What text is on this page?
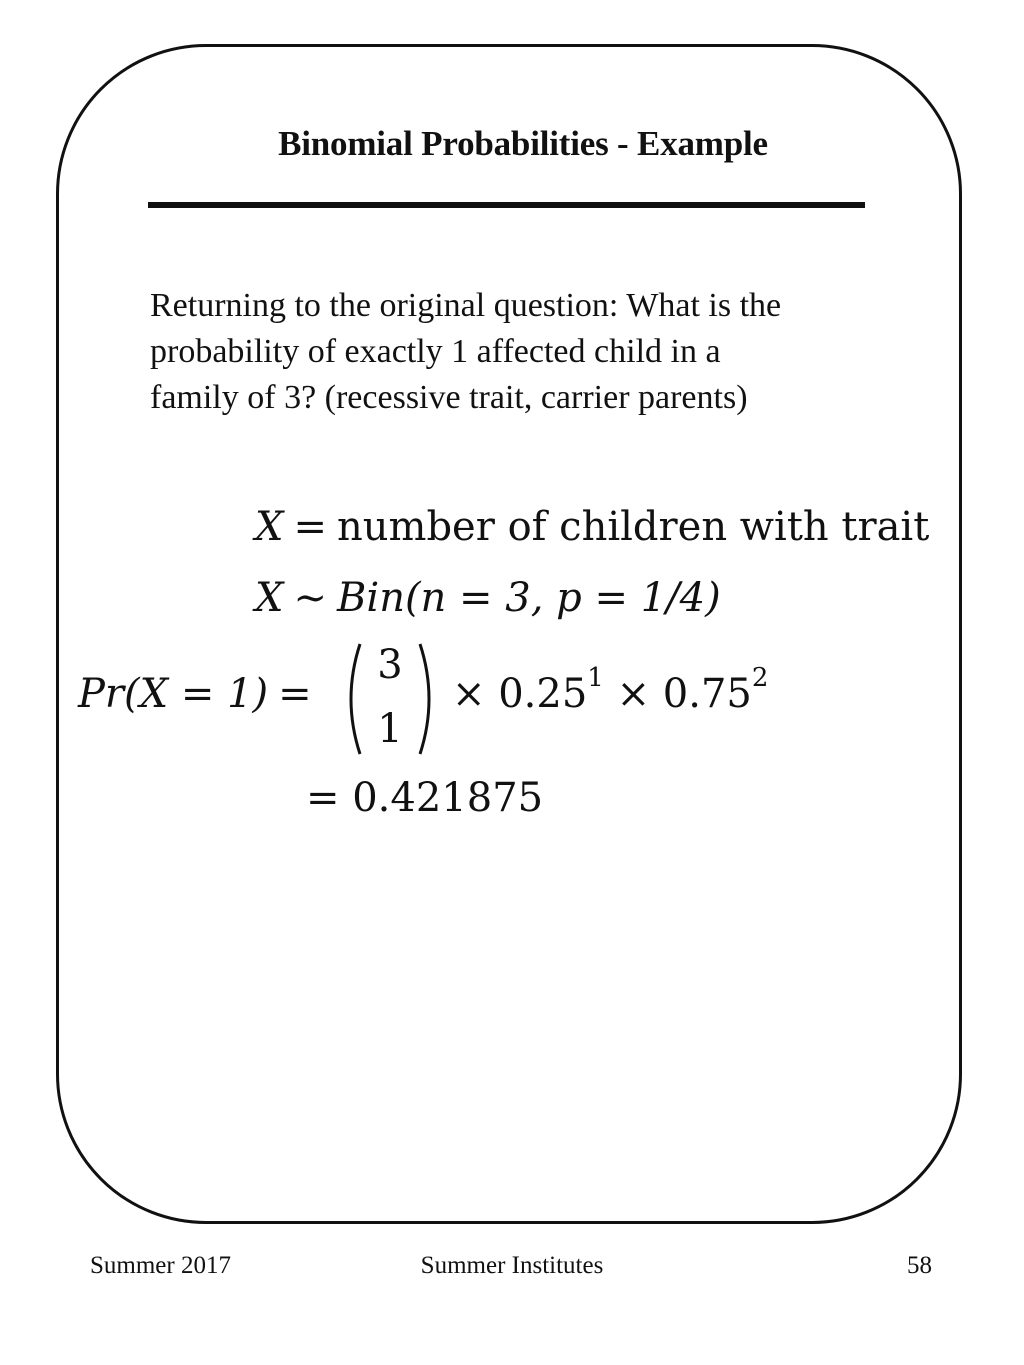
Binomial Probabilities - Example
Returning to the original question: What is the
probability of exactly 1 affected child in a
family of 3? (recessive trait, carrier parents)
X = number of children with trait
X ∼ Bin(n = 3, p = 1/4)
Pr(X = 1) =
3
1
× $0.25^1 \times 0.75^2$
= 0.421875
Summer 2017	Summer Institutes	58
